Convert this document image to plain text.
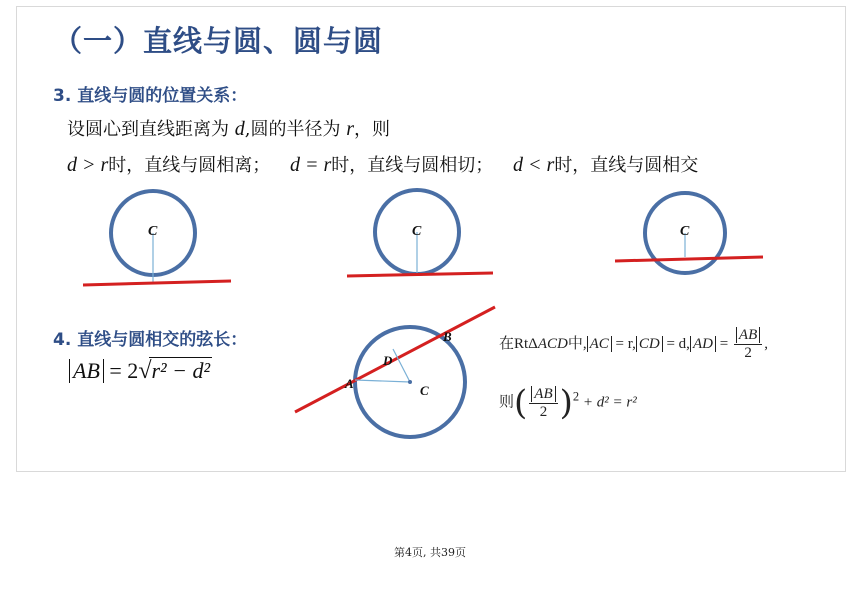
（一）直线与圆、圆与圆
3. 直线与圆的位置关系：
设圆心到直线距离为 d,圆的半径为 r，则
d > r时，直线与圆相离； d = r时，直线与圆相切； d < r时，直线与圆相交
C	C	C
4. 直线与圆相交的弦长：
AB = 2√r² − d²
A
B
C
D
在RtΔACD中, AC = r, CD = d, AD = $\frac{AB}{2}$ ,
则( $\frac{AB}{2} )^2 + d^2 = r^2$
第4页, 共39页
